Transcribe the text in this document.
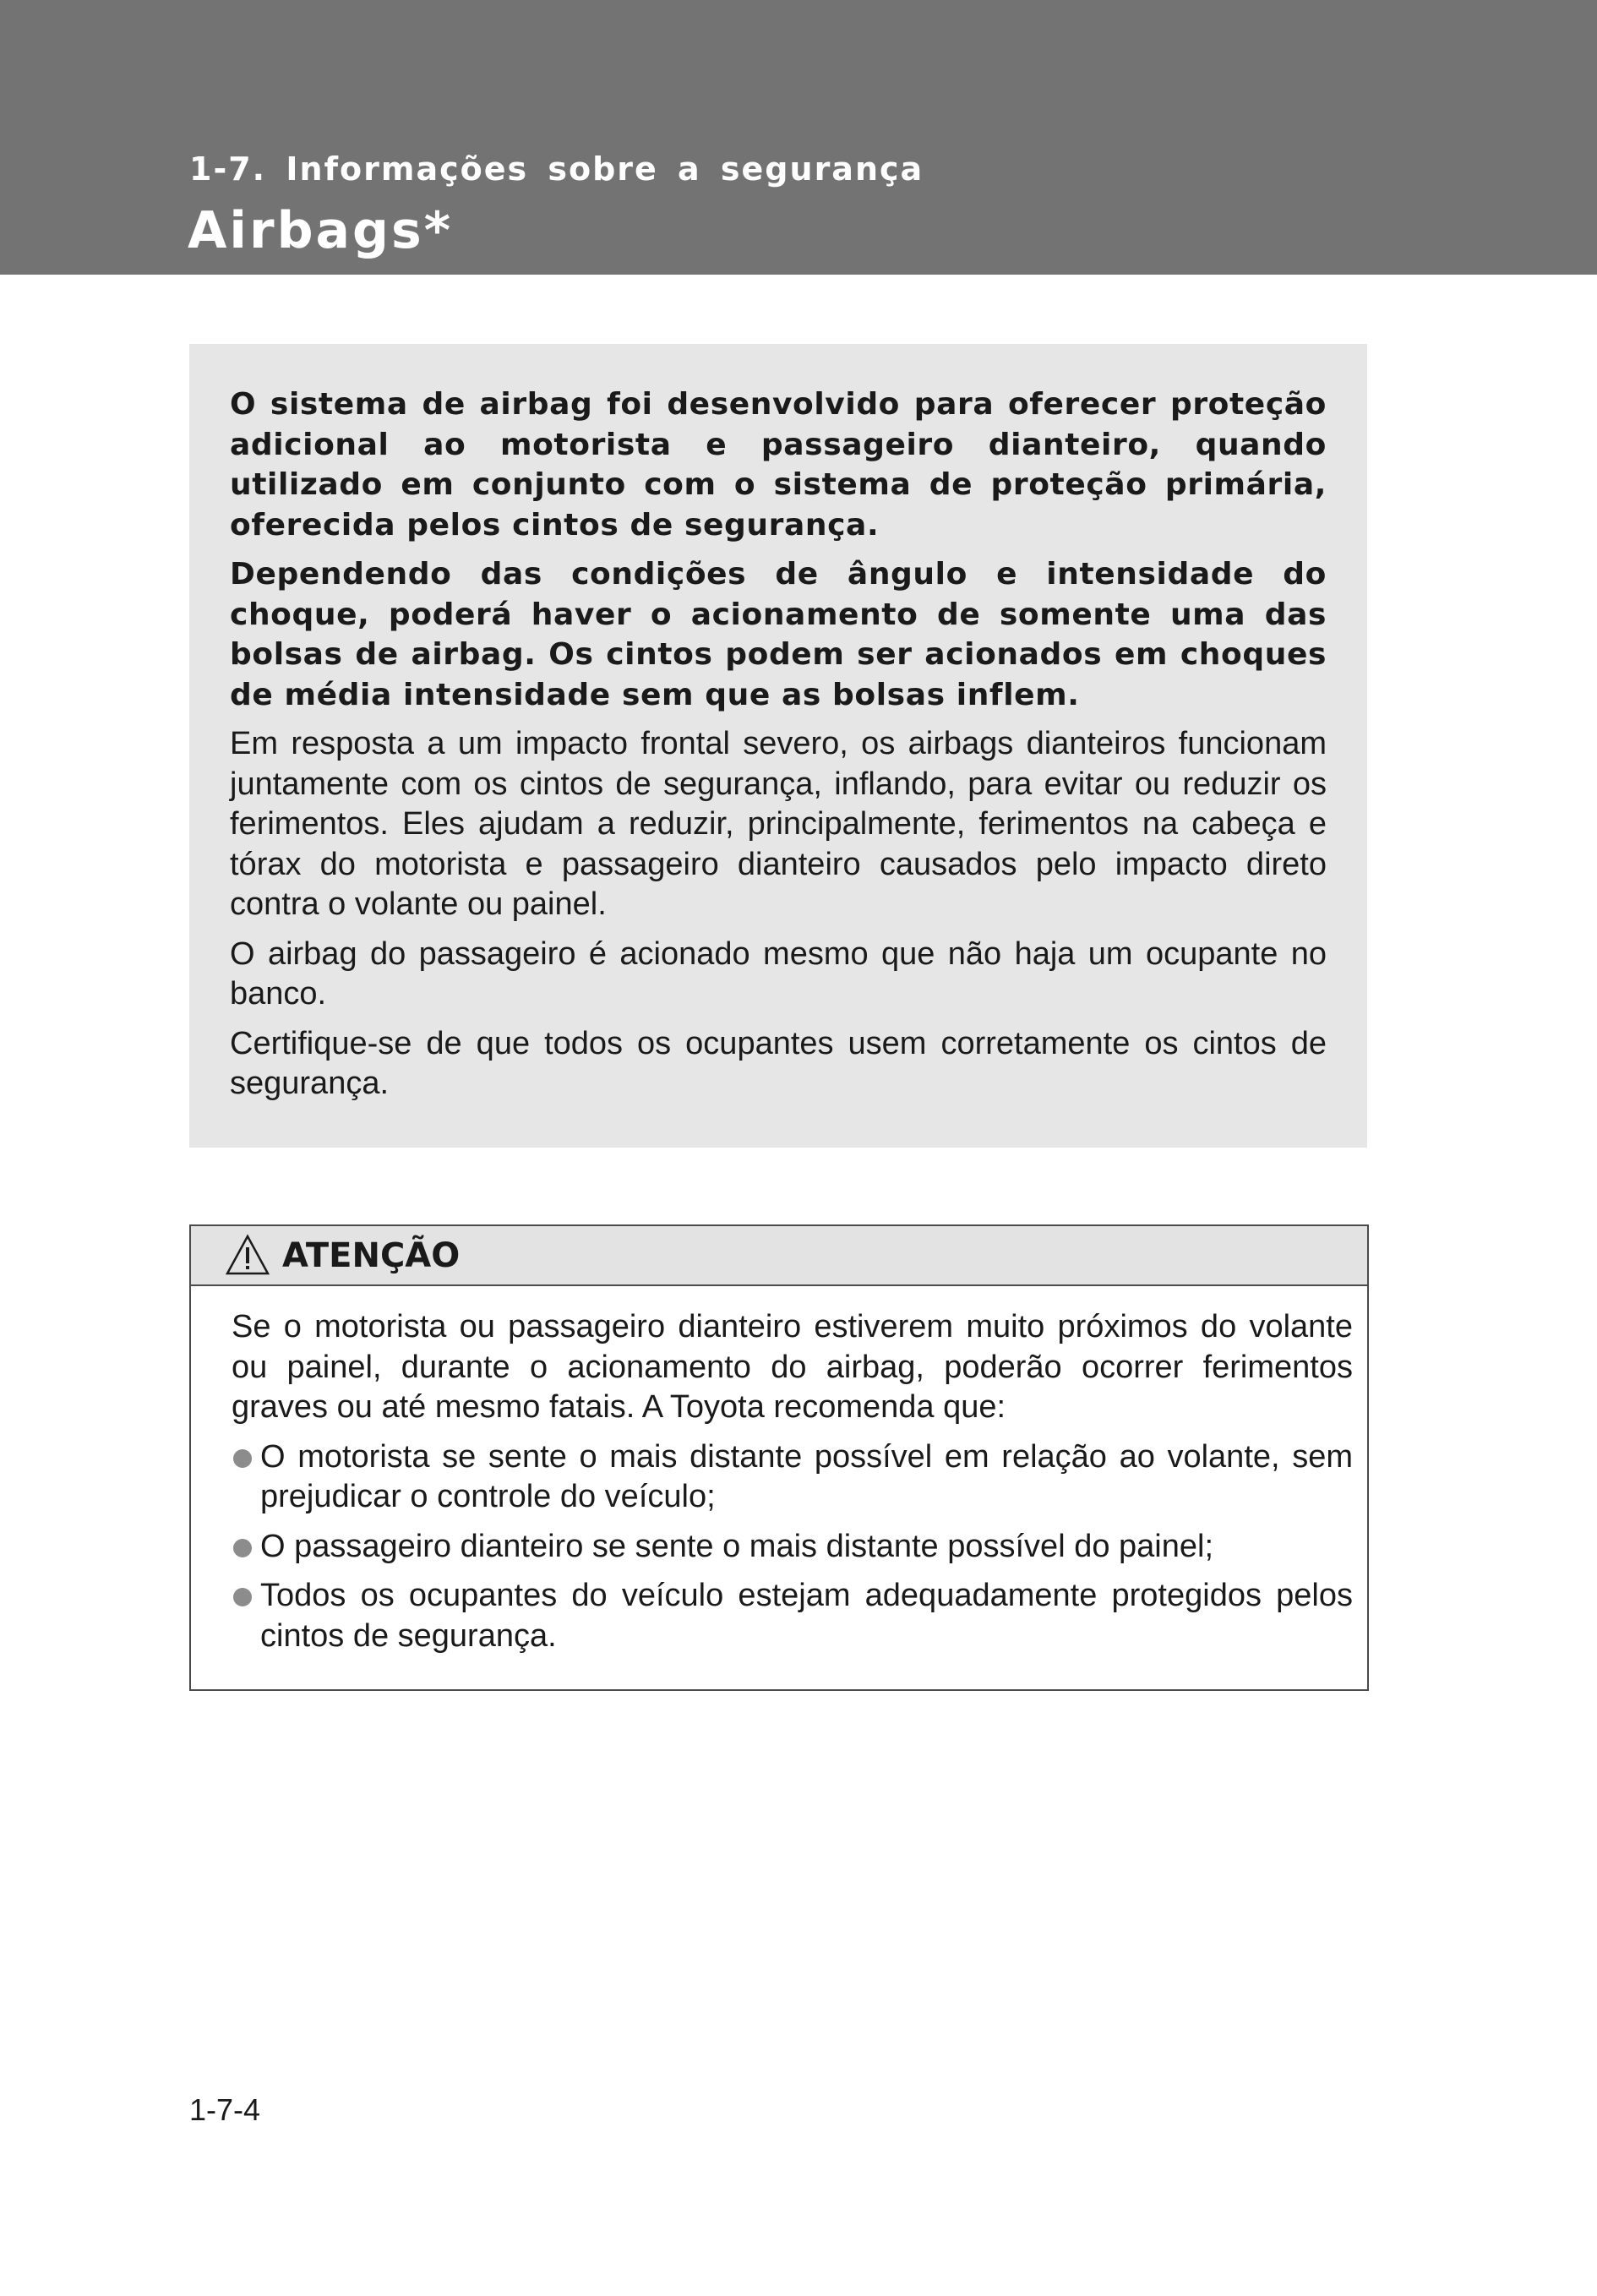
1-7. Informações sobre a segurança
Airbags*

O sistema de airbag foi desenvolvido para oferecer proteção adicional ao motorista e passageiro dianteiro, quando utilizado em conjunto com o sistema de proteção primária, oferecida pelos cintos de segurança.

Dependendo das condições de ângulo e intensidade do choque, poderá haver o acionamento de somente uma das bolsas de airbag. Os cintos podem ser acionados em choques de média intensidade sem que as bolsas inflem.

Em resposta a um impacto frontal severo, os airbags dianteiros funcionam juntamente com os cintos de segurança, inflando, para evitar ou reduzir os ferimentos. Eles ajudam a reduzir, principalmente, ferimentos na cabeça e tórax do motorista e passageiro dianteiro causados pelo impacto direto contra o volante ou painel.

O airbag do passageiro é acionado mesmo que não haja um ocupante no banco.

Certifique-se de que todos os ocupantes usem corretamente os cintos de segurança.

ATENÇÃO

Se o motorista ou passageiro dianteiro estiverem muito próximos do volante ou painel, durante o acionamento do airbag, poderão ocorrer ferimentos graves ou até mesmo fatais. A Toyota recomenda que:

O motorista se sente o mais distante possível em relação ao volante, sem prejudicar o controle do veículo;
O passageiro dianteiro se sente o mais distante possível do painel;
Todos os ocupantes do veículo estejam adequadamente protegidos pelos cintos de segurança.
1-7-4
